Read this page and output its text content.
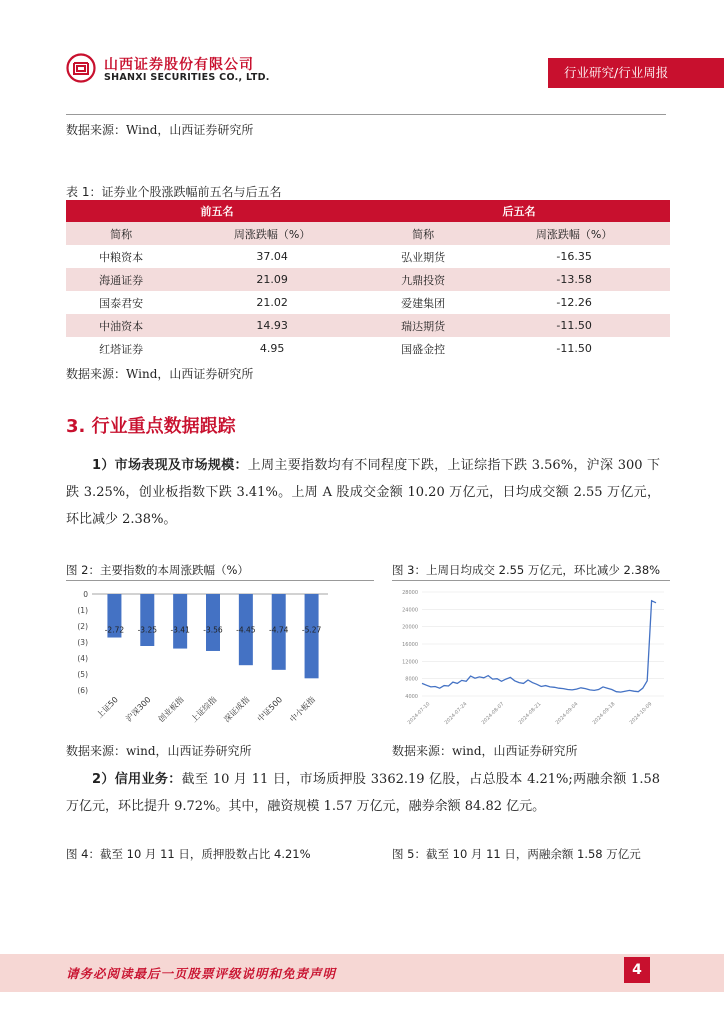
山西证券股份有限公司
SHANXI SECURITIES CO., LTD.	行业研究/行业周报
数据来源：Wind，山西证券研究所
表 1：证券业个股涨跌幅前五名与后五名
前五名		后五名	
简称	周涨跌幅（%）	简称	周涨跌幅（%）
中粮资本	37.04	弘业期货	-16.35
海通证券	21.09	九鼎投资	-13.58
国泰君安	21.02	爱建集团	-12.26
中油资本	14.93	瑞达期货	-11.50
红塔证券	4.95	国盛金控	-11.50
数据来源：Wind，山西证券研究所
3. 行业重点数据跟踪
1）市场表现及市场规模：上周主要指数均有不同程度下跌，上证综指下跌 3.56%，沪深 300 下跌 3.25%，创业板指数下跌 3.41%。上周 A 股成交金额 10.20 万亿元，日均成交额 2.55 万亿元，环比减少 2.38%。
图 2：主要指数的本周涨跌幅（%）	图 3：上周日均成交 2.55 万亿元，环比减少 2.38%
0
(1)
(2)
(3)
(4)
(5)
(6)
-2.72
上证50
-3.25
沪深300
-3.41
创业板指
-3.56
上证综指
-4.45
深证成指
-4.74
中证500
-5.27
中小板指	4000
8000
12000
16000
20000
24000
28000
2024-07-10 2024-07-24 2024-08-07 2024-08-21 2024-09-04 2024-09-18 2024-10-09
数据来源：wind，山西证券研究所	数据来源：wind，山西证券研究所
2）信用业务：截至 10 月 11 日，市场质押股 3362.19 亿股，占总股本 4.21%;两融余额 1.58 万亿元，环比提升 9.72%。其中，融资规模 1.57 万亿元，融券余额 84.82 亿元。
图 4：截至 10 月 11 日，质押股数占比 4.21%	图 5：截至 10 月 11 日，两融余额 1.58 万亿元
请务必阅读最后一页股票评级说明和免责声明	4
